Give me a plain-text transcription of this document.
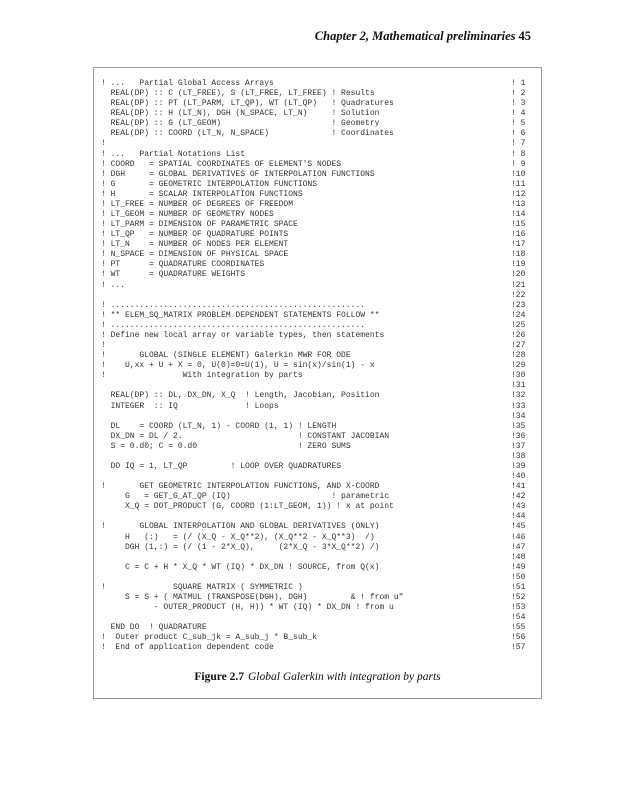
Chapter 2, Mathematical preliminaries 45
! ...   Partial Global Access Arrays	! 1
REAL(DP) :: C (LT_FREE), S (LT_FREE, LT_FREE) ! Results	! 2
REAL(DP) :: PT (LT_PARM, LT_QP), WT (LT_QP)   ! Quadratures	! 3
REAL(DP) :: H (LT_N), DGH (N_SPACE, LT_N)     ! Solution	! 4
REAL(DP) :: G (LT_GEOM)                       ! Geometry	! 5
REAL(DP) :: COORD (LT_N, N_SPACE)             ! Coordinates	! 6
!	! 7
! ...   Partial Notations List	! 8
! COORD   = SPATIAL COORDINATES OF ELEMENT'S NODES	! 9
! DGH     = GLOBAL DERIVATIVES OF INTERPOLATION FUNCTIONS	!10
! G       = GEOMETRIC INTERPOLATION FUNCTIONS	!11
! H       = SCALAR INTERPOLATION FUNCTIONS	!12
! LT_FREE = NUMBER OF DEGREES OF FREEDOM	!13
! LT_GEOM = NUMBER OF GEOMETRY NODES	!14
! LT_PARM = DIMENSION OF PARAMETRIC SPACE	!15
! LT_QP   = NUMBER OF QUADRATURE POINTS	!16
! LT_N    = NUMBER OF NODES PER ELEMENT	!17
! N_SPACE = DIMENSION OF PHYSICAL SPACE	!18
! PT      = QUADRATURE COORDINATES	!19
! WT      = QUADRATURE WEIGHTS	!20
! ...	!21
!22
! .....................................................	!23
! ** ELEM_SQ_MATRIX PROBLEM DEPENDENT STATEMENTS FOLLOW **	!24
! .....................................................	!25
! Define new local array or variable types, then statements	!26
!	!27
!       GLOBAL (SINGLE ELEMENT) Galerkin MWR FOR ODE	!28
!    U,xx + U + X = 0, U(0)=0=U(1), U = sin(x)/sin(1) - x	!29
!                With integration by parts	!30
!31
REAL(DP) :: DL, DX_DN, X_Q  ! Length, Jacobian, Position	!32
INTEGER  :: IQ              ! Loops	!33
!34
DL    = COORD (LT_N, 1) - COORD (1, 1) ! LENGTH	!35
DX_DN = DL / 2.                        ! CONSTANT JACOBIAN	!36
S = 0.d0; C = 0.d0                     ! ZERO SUMS	!37
!38
DO IQ = 1, LT_QP         ! LOOP OVER QUADRATURES	!39
!40
!       GET GEOMETRIC INTERPOLATION FUNCTIONS, AND X-COORD	!41
G   = GET_G_AT_QP (IQ)                     ! parametric	!42
X_Q = DOT_PRODUCT (G, COORD (1:LT_GEOM, 1)) ! x at point	!43
!44
!       GLOBAL INTERPOLATION AND GLOBAL DERIVATIVES (ONLY)	!45
H   (:)   = (/ (X_Q - X_Q**2), (X_Q**2 - X_Q**3)  /)	!46
DGH (1,:) = (/ (1 - 2*X_Q),     (2*X_Q - 3*X_Q**2) /)	!47
!48
C = C + H * X_Q * WT (IQ) * DX_DN ! SOURCE, from Q(x)	!49
!50
!              SQUARE MATRIX ( SYMMETRIC )	!51
S = S + ( MATMUL (TRANSPOSE(DGH), DGH)         & ! from u"	!52
- OUTER_PRODUCT (H, H)) * WT (IQ) * DX_DN ! from u	!53
!54
END DO  ! QUADRATURE	!55
!  Outer product C_sub_jk = A_sub_j * B_sub_k	!56
!  End of application dependent code	!57
Figure 2.7 Global Galerkin with integration by parts
